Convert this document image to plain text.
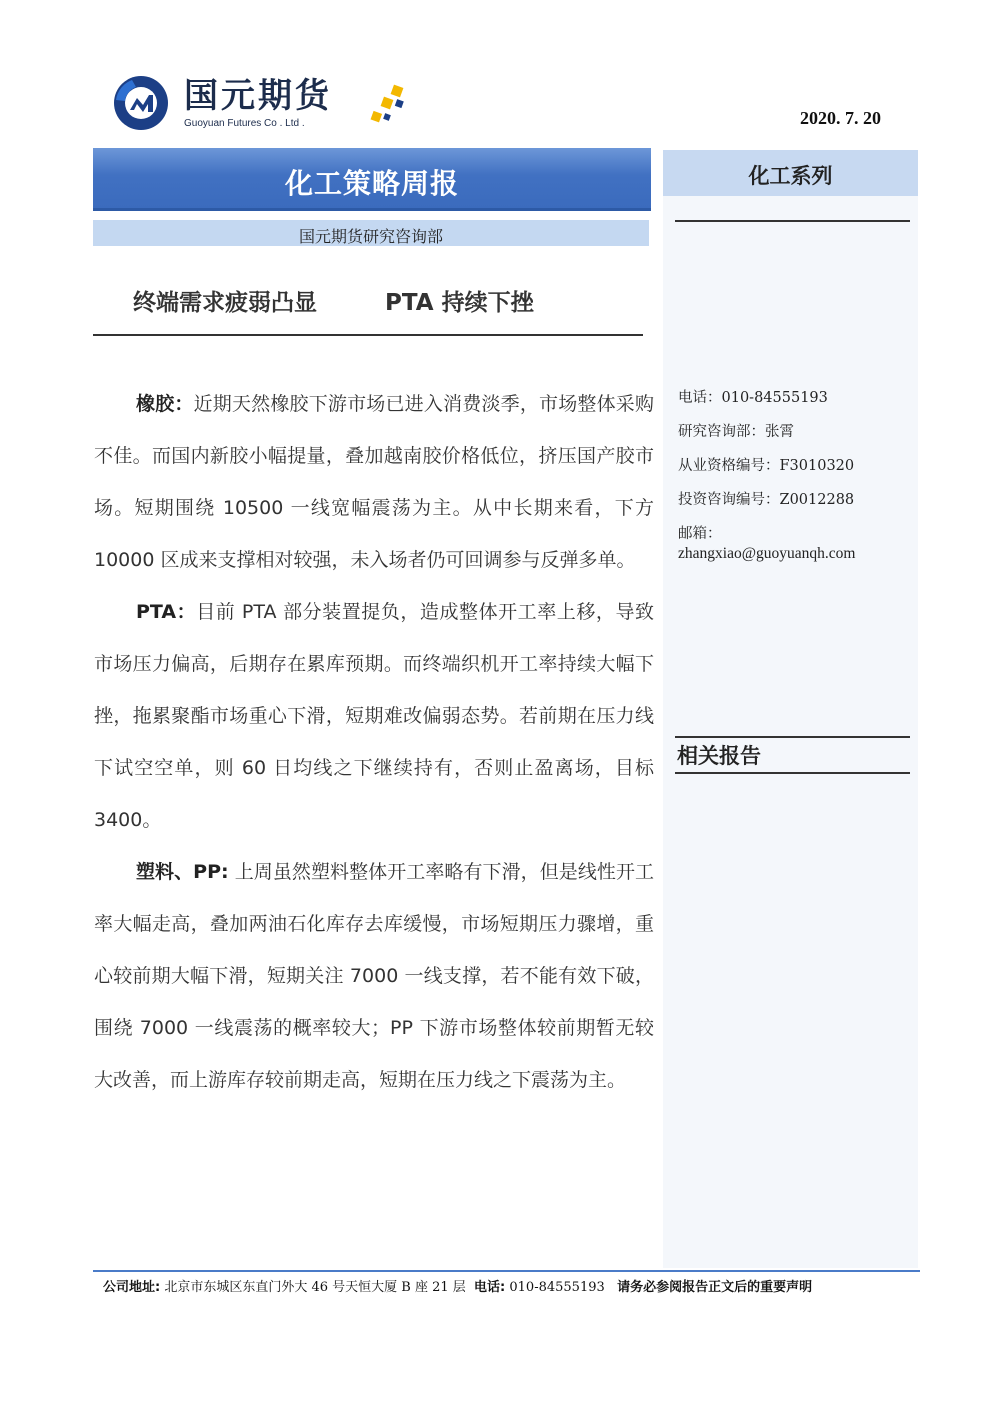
国元期货
Guoyuan Futures Co . Ltd .	2020. 7. 20
化工策略周报
国元期货研究咨询部
终端需求疲弱凸显	PTA 持续下挫

橡胶：近期天然橡胶下游市场已进入消费淡季，市场整体采购不佳。而国内新胶小幅提量，叠加越南胶价格低位，挤压国产胶市场。短期围绕 10500 一线宽幅震荡为主。从中长期来看，下方 10000 区成来支撑相对较强，未入场者仍可回调参与反弹多单。

PTA：目前 PTA 部分装置提负，造成整体开工率上移，导致市场压力偏高，后期存在累库预期。而终端织机开工率持续大幅下挫，拖累聚酯市场重心下滑，短期难改偏弱态势。若前期在压力线下试空空单，则 60 日均线之下继续持有，否则止盈离场，目标 3400。

塑料、PP: 上周虽然塑料整体开工率略有下滑，但是线性开工率大幅走高，叠加两油石化库存去库缓慢，市场短期压力骤增，重心较前期大幅下滑，短期关注 7000 一线支撑，若不能有效下破，围绕 7000 一线震荡的概率较大；PP 下游市场整体较前期暂无较大改善，而上游库存较前期走高，短期在压力线之下震荡为主。

化工系列
电话：010-84555193
研究咨询部：张霄
从业资格编号：F3010320
投资咨询编号：Z0012288
邮箱：
zhangxiao@guoyuanqh.com
相关报告
公司地址: 北京市东城区东直门外大 46 号天恒大厦 B 座 21 层 电话: 010-84555193 请务必参阅报告正文后的重要声明
